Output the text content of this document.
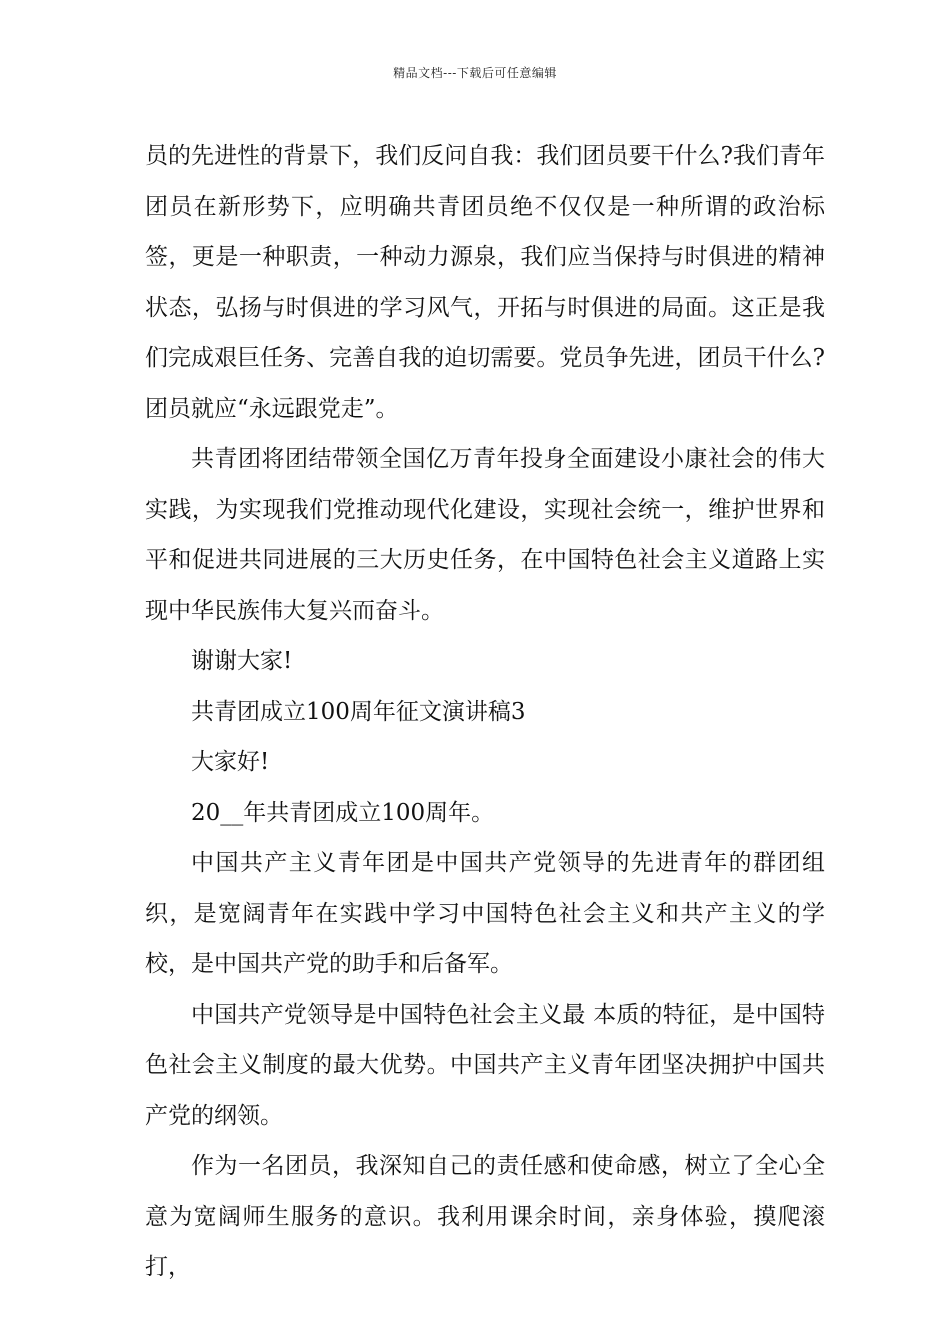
精品文档---下载后可任意编辑

员的先进性的背景下，我们反问自我：我们团员要干什么?我们青年团员在新形势下，应明确共青团员绝不仅仅是一种所谓的政治标签，更是一种职责，一种动力源泉，我们应当保持与时俱进的精神状态，弘扬与时俱进的学习风气，开拓与时俱进的局面。这正是我们完成艰巨任务、完善自我的迫切需要。党员争先进，团员干什么?团员就应“永远跟党走”。

共青团将团结带领全国亿万青年投身全面建设小康社会的伟大实践，为实现我们党推动现代化建设，实现社会统一，维护世界和平和促进共同进展的三大历史任务，在中国特色社会主义道路上实现中华民族伟大复兴而奋斗。

谢谢大家!

共青团成立100周年征文演讲稿3

大家好!

20__年共青团成立100周年。

中国共产主义青年团是中国共产党领导的先进青年的群团组织，是宽阔青年在实践中学习中国特色社会主义和共产主义的学校，是中国共产党的助手和后备军。

中国共产党领导是中国特色社会主义最 本质的特征，是中国特色社会主义制度的最大优势。中国共产主义青年团坚决拥护中国共产党的纲领。

作为一名团员，我深知自己的责任感和使命感，树立了全心全意为宽阔师生服务的意识。我利用课余时间，亲身体验，摸爬滚打，
